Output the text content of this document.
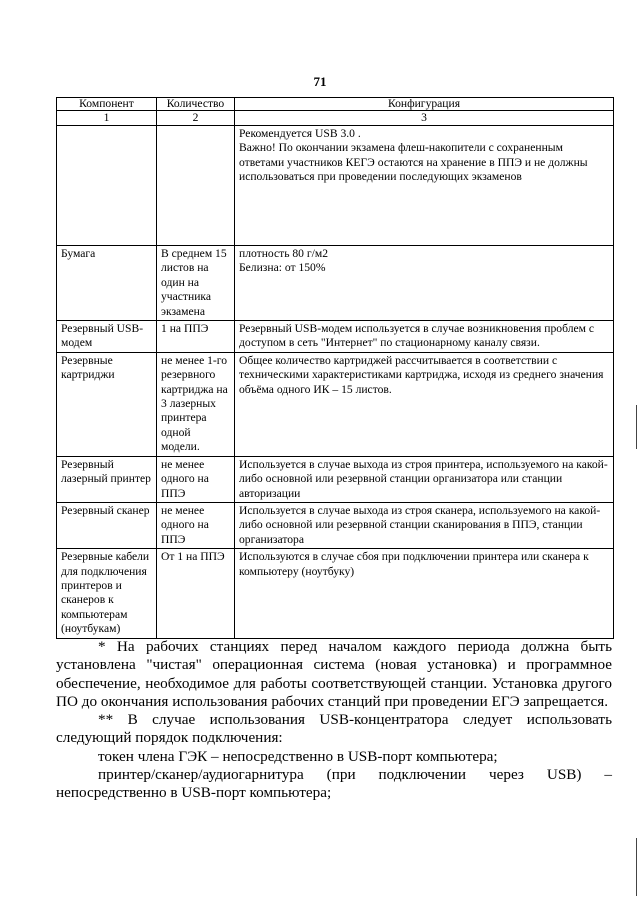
71
Компонент	Количество	Конфигурация
1	2	3

		Рекомендуется USB 3.0 .
Важно! По окончании экзамена флеш-накопители с сохраненным ответами участников КЕГЭ остаются на хранение в ППЭ и не должны использоваться при проведении последующих экзаменов

Бумага	В среднем 15 листов на один на участника экзамена	плотность 80 г/м2
Белизна: от 150%

Резервный USB-модем	1 на ППЭ	Резервный USB-модем используется в случае возникновения проблем с доступом в сеть "Интернет" по стационарному каналу связи.

Резервные картриджи	не менее 1-го резервного картриджа на 3 лазерных принтера одной модели.	Общее количество картриджей рассчитывается в соответствии с техническими характеристиками картриджа, исходя из среднего значения объёма одного ИК – 15 листов.

Резервный лазерный принтер	не менее одного на ППЭ	Используется в случае выхода из строя принтера, используемого на какой-либо основной или резервной станции организатора или станции авторизации

Резервный сканер	не менее одного на ППЭ	Используется в случае выхода из строя сканера, используемого на какой-либо основной или резервной станции сканирования в ППЭ, станции организатора

Резервные кабели для подключения принтеров и сканеров к компьютерам (ноутбукам)	От 1 на ППЭ	Используются в случае сбоя при подключении принтера или сканера к компьютеру (ноутбуку)

* На рабочих станциях перед началом каждого периода должна быть установлена "чистая" операционная система (новая установка) и программное обеспечение, необходимое для работы соответствующей станции. Установка другого ПО до окончания использования рабочих станций при проведении ЕГЭ запрещается.

** В случае использования USB-концентратора следует использовать следующий порядок подключения:

токен члена ГЭК – непосредственно в USB-порт компьютера;

принтер/сканер/аудиогарнитура (при подключении через USB) –

непосредственно в USB-порт компьютера;
